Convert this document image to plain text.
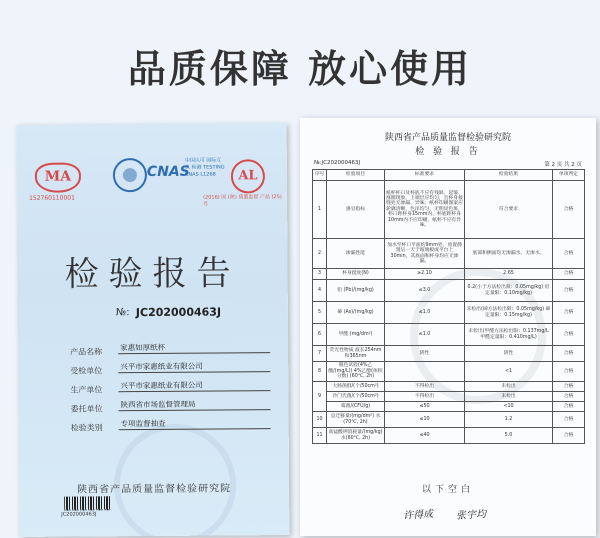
品质保障 放心使用
MA
152760110001
CNAS
中国认可 国际互认 检测 TESTING CNAS L1268	AL
(2016) 国 (陕) 质量监督 产品 (25) 号
检验报告
№: JC202000463J
产品名称	家惠如厚纸杯
受检单位	兴平市家惠纸业有限公司
生产单位	兴平市家惠纸业有限公司
委托单位	陕西省市场监督管理局
检验类别	专项监督抽查
陕西省产品质量监督检验研究院
JC202000463J
陕西省产品质量监督检验研究院
检 验 报 告
№:JC202000463J	第 2 页 共 2 页
序号	检验项目	标准要求	检验结果	单项判定
1	感官指标	纸杯杯口及杯底不应有残缺、起皱、涨圈现象，上端层应均匀，且杯身接缝处无渗漏、异味；纸杯印刷图案应轮廓清晰、色泽均匀，无明显色斑，杯口距杯身15mm内、杯底距杯身10mm内不应印刷，纸杯不应有异味。	符合要求	合格
2	渗漏性能	加水至杯口平面约9mm处，放置静置后一天于玻璃板或平台上30min，其底面和杯身均应无渗漏。	底部和侧面均无渗漏水，无渗水。	合格
3	杯身挺度(N)	≥2.10	2.65	合格
4	铅 (Pb)/(mg/kg)	≤3.0	0.2(小于方法检出限：0.05mg/kg) 铅定量限：0.10mg/kg)	合格
5	砷 (As)/(mg/kg)	≤1.0	未检出(砷方法检出限：0.05mg/kg) 砷定量限：0.15mg/kg)	合格
6	甲醛 (mg/dm²)	≤1.0	未检出(甲醛方法检出限：0.137mg/L 甲醛定量限：0.410mg/L)	合格
7	荧光性物质 波长254nm和365nm	阴性	阴性	合格
8	脱色试验(4%乙酸/(mg/L)) 4%乙醇(体积分数) (60℃, 2h)		<1	合格
9	大肠菌群/(个/50cm²)	不得检出	未检出	合格
	沙门氏菌/(个/50cm²)	不得检出	未检出	合格
	霉菌/(CFU/g)	≤50	<10	合格
10	总迁移量/(mg/dm²) 水(70℃, 2h)	≤10	1.2	合格
11	高锰酸钾消耗量/(mg/kg) 水(60℃, 2h)	≤40	5.0	合格
以下空白
许得成 张宇均
